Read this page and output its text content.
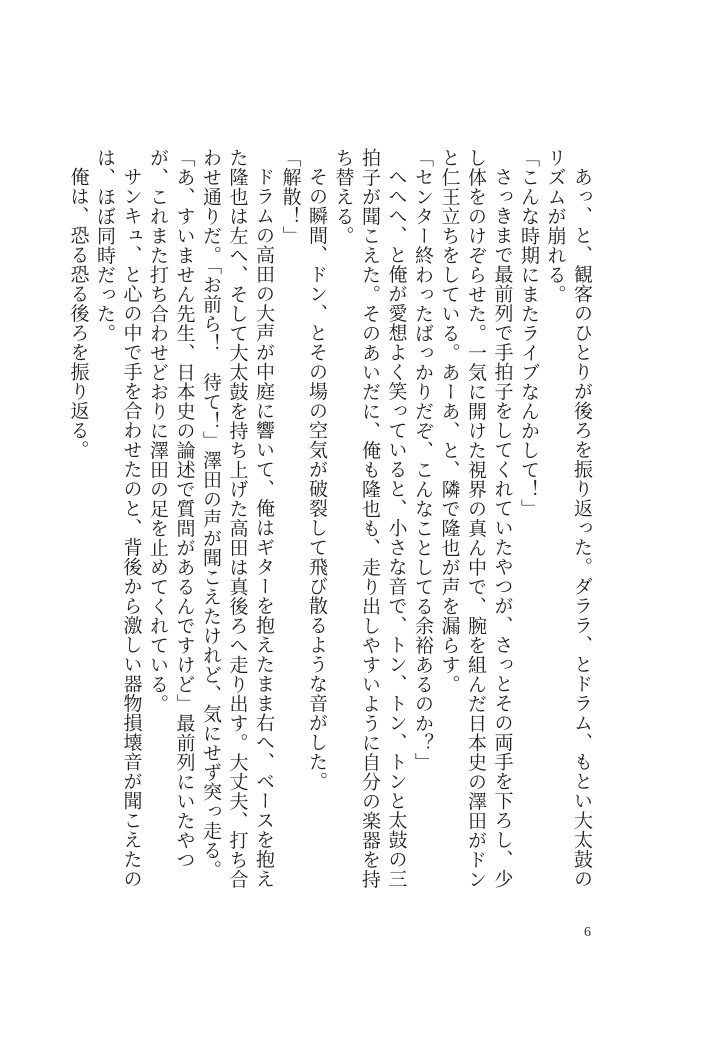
あっ、と、観客のひとりが後ろを振り返った。ダララ、とドラム、もとい大太鼓のリズムが崩れる。

「こんな時期にまたライブなんかして！」

さっきまで最前列で手拍子をしてくれていたやつが、さっとその両手を下ろし、少し体をのけぞらせた。一気に開けた視界の真ん中で、腕を組んだ日本史の澤田がドンと仁王立ちをしている。あーあ、と、隣で隆也が声を漏らす。

「センター終わったばっかりだぞ、こんなことしてる余裕あるのか？」

へへへ、と俺が愛想よく笑っていると、小さな音で、トン、トン、トンと太鼓の三拍子が聞こえた。そのあいだに、俺も隆也も、走り出しやすいように自分の楽器を持ち替える。

その瞬間、ドン、とその場の空気が破裂して飛び散るような音がした。

「解散！」

ドラムの高田の大声が中庭に響いて、俺はギターを抱えたまま右へ、ベースを抱えた隆也は左へ、そして大太鼓を持ち上げた高田は真後ろへ走り出す。大丈夫、打ち合わせ通りだ。「お前ら！　待て！」澤田の声が聞こえたけれど、気にせず突っ走る。「あ、すいません先生、日本史の論述で質問があるんですけど」最前列にいたやつが、これまた打ち合わせどおりに澤田の足を止めてくれている。

サンキュ、と心の中で手を合わせたのと、背後から激しい器物損壊音が聞こえたのは、ほぼ同時だった。

俺は、恐る恐る後ろを振り返る。

6
